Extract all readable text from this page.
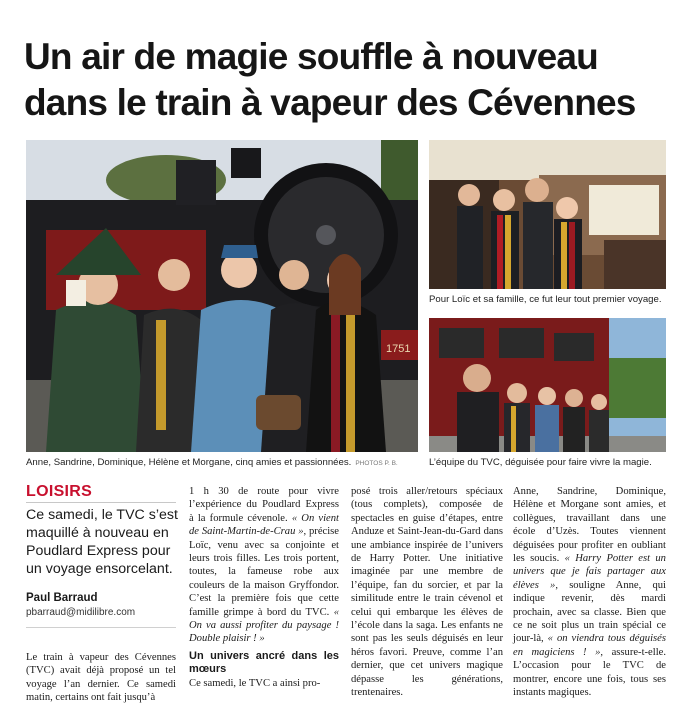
Un air de magie souffle à nouveau dans le train à vapeur des Cévennes
1751
Anne, Sandrine, Dominique, Hélène et Morgane, cinq amies et passionnées. PHOTOS P. B.
Pour Loïc et sa famille, ce fut leur tout premier voyage.
L’équipe du TVC, déguisée pour faire vivre la magie.
LOISIRS
Ce samedi, le TVC s’est maquillé à nouveau en Poudlard Express pour un voyage ensorcelant.
Paul Barraud
pbarraud@midilibre.com

Le train à vapeur des Cévennes (TVC) avait déjà proposé un tel voyage l’an dernier. Ce samedi matin, certains ont fait jusqu’à

1 h 30 de route pour vivre l’expérience du Poudlard Express à la formule cévenole. « On vient de Saint-Martin-de-Crau », précise Loïc, venu avec sa conjointe et leurs trois filles. Les trois portent, toutes, la fameuse robe aux couleurs de la maison Gryffondor. C’est la première fois que cette famille grimpe à bord du TVC. « On va aussi profiter du paysage ! Double plaisir ! »

Un univers ancré dans les mœurs

Ce samedi, le TVC a ainsi pro-

posé trois aller/retours spéciaux (tous complets), composée de spectacles en guise d’étapes, entre Anduze et Saint-Jean-du-Gard dans une ambiance inspirée de l’univers de Harry Potter. Une initiative imaginée par une membre de l’équipe, fan du sorcier, et par la similitude entre le train cévenol et celui qui embarque les élèves de l’école dans la saga. Les enfants ne sont pas les seuls déguisés en leur héros favori. Preuve, comme l’an dernier, que cet univers magique dépasse les générations, trentenaires.

Anne, Sandrine, Dominique, Hélène et Morgane sont amies, et collègues, travaillant dans une école d’Uzès. Toutes viennent déguisées pour profiter en oubliant les soucis. « Harry Potter est un univers que je fais partager aux élèves », souligne Anne, qui indique revenir, dès mardi prochain, avec sa classe. Bien que ce ne soit plus un train spécial ce jour-là, « on viendra tous déguisés en magiciens ! », assure-t-elle. L’occasion pour le TVC de montrer, encore une fois, tous ses instants magiques.
